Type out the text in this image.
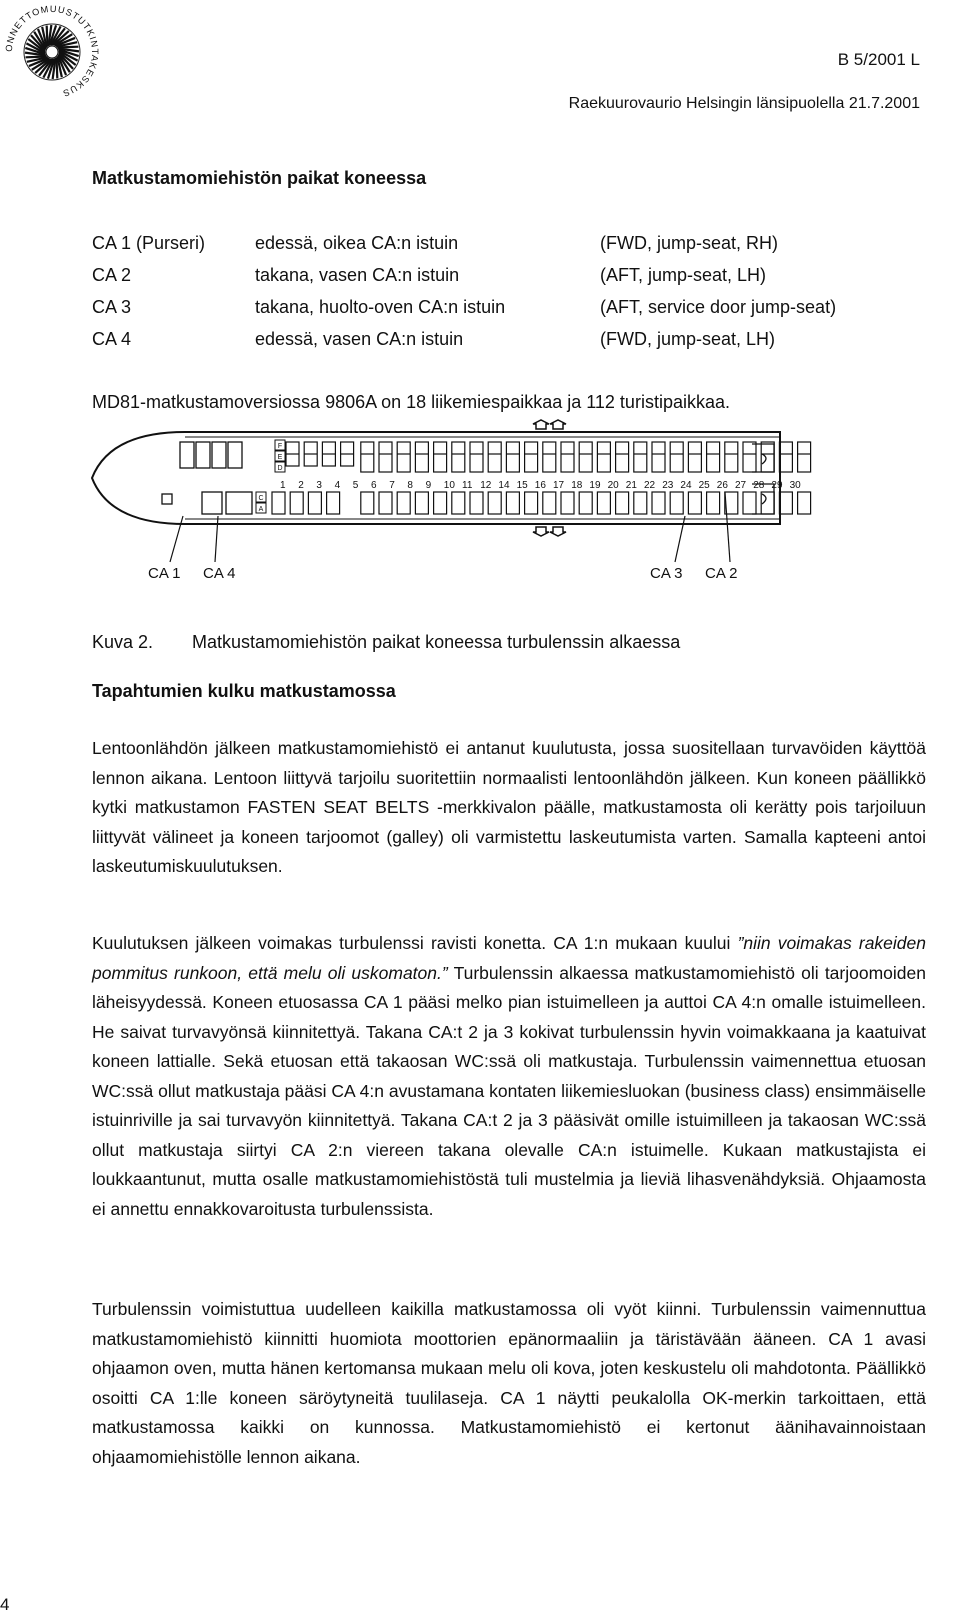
ONNETTOMUUSTUTKINTAKESKUS
B 5/2001 L
Raekuurovaurio Helsingin länsipuolella 21.7.2001
Matkustamomiehistön paikat koneessa
CA 1 (Purseri)	edessä, oikea CA:n istuin	(FWD, jump-seat, RH)
CA 2	takana, vasen CA:n istuin	(AFT, jump-seat, LH)
CA 3	takana, huolto-oven CA:n istuin	(AFT, service door jump-seat)
CA 4	edessä, vasen CA:n istuin	(FWD, jump-seat, LH)
MD81-matkustamoversiossa 9806A on 18 liikemiespaikkaa ja 112 turistipaikkaa.
1 2 3 4 5 6 7 8 9 10 11 12 14 15 16 17 18 19 20 21 22 23 24 25 26 27 28 29 30
F
E
D
C
A
CA 1 CA 4	CA 3 CA 2
Kuva 2.	Matkustamomiehistön paikat koneessa turbulenssin alkaessa
Tapahtumien kulku matkustamossa

Lentoonlähdön jälkeen matkustamomiehistö ei antanut kuulutusta, jossa suositellaan turvavöiden käyttöä lennon aikana. Lentoon liittyvä tarjoilu suoritettiin normaalisti lentoonlähdön jälkeen. Kun koneen päällikkö kytki matkustamon FASTEN SEAT BELTS -merkkivalon päälle, matkustamosta oli kerätty pois tarjoiluun liittyvät välineet ja koneen tarjoomot (galley) oli varmistettu laskeutumista varten. Samalla kapteeni antoi laskeutumiskuulutuksen.

Kuulutuksen jälkeen voimakas turbulenssi ravisti konetta. CA 1:n mukaan kuului ”niin voimakas rakeiden pommitus runkoon, että melu oli uskomaton.” Turbulenssin alkaessa matkustamomiehistö oli tarjoomoiden läheisyydessä. Koneen etuosassa CA 1 pääsi melko pian istuimelleen ja auttoi CA 4:n omalle istuimelleen. He saivat turvavyönsä kiinnitettyä. Takana CA:t 2 ja 3 kokivat turbulenssin hyvin voimakkaana ja kaatuivat koneen lattialle. Sekä etuosan että takaosan WC:ssä oli matkustaja. Turbulenssin vaimennettua etuosan WC:ssä ollut matkustaja pääsi CA 4:n avustamana kontaten liikemiesluokan (business class) ensimmäiselle istuinriville ja sai turvavyön kiinnitettyä. Takana CA:t 2 ja 3 pääsivät omille istuimilleen ja takaosan WC:ssä ollut matkustaja siirtyi CA 2:n viereen takana olevalle CA:n istuimelle. Kukaan matkustajista ei loukkaantunut, mutta osalle matkustamomiehistöstä tuli mustelmia ja lieviä lihasvenähdyksiä. Ohjaamosta ei annettu ennakkovaroitusta turbulenssista.

Turbulenssin voimistuttua uudelleen kaikilla matkustamossa oli vyöt kiinni. Turbulenssin vaimennuttua matkustamomiehistö kiinnitti huomiota moottorien epänormaaliin ja täristävään ääneen. CA 1 avasi ohjaamon oven, mutta hänen kertomansa mukaan melu oli kova, joten keskustelu oli mahdotonta. Päällikkö osoitti CA 1:lle koneen säröytyneitä tuulilaseja. CA 1 näytti peukalolla OK-merkin tarkoittaen, että matkustamossa kaikki on kunnossa. Matkustamomiehistö ei kertonut äänihavainnoistaan ohjaamomiehistölle lennon aikana.

4
